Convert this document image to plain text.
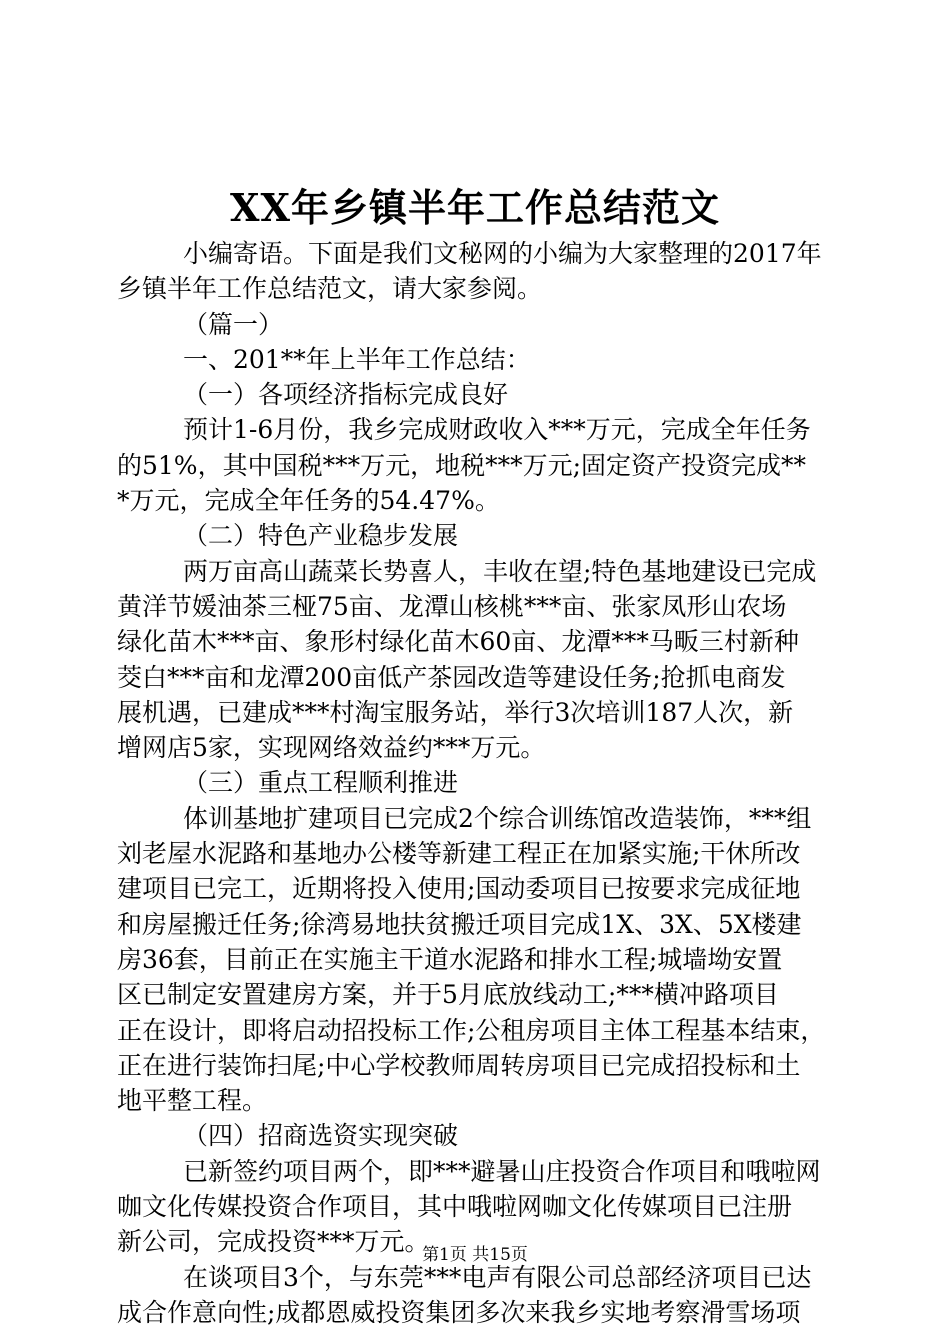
XX年乡镇半年工作总结范文
小编寄语。下面是我们文秘网的小编为大家整理的2017年
乡镇半年工作总结范文，请大家参阅。
（篇一）
一、201**年上半年工作总结：
（一）各项经济指标完成良好
预计1-6月份，我乡完成财政收入***万元，完成全年任务
的51%，其中国税***万元，地税***万元;固定资产投资完成**
*万元，完成全年任务的54.47%。
（二）特色产业稳步发展
两万亩高山蔬菜长势喜人，丰收在望;特色基地建设已完成
黄洋节媛油茶三桠75亩、龙潭山核桃***亩、张家凤形山农场
绿化苗木***亩、象形村绿化苗木60亩、龙潭***马畈三村新种
茭白***亩和龙潭200亩低产茶园改造等建设任务;抢抓电商发
展机遇，已建成***村淘宝服务站，举行3次培训187人次，新
增网店5家，实现网络效益约***万元。
（三）重点工程顺利推进
体训基地扩建项目已完成2个综合训练馆改造装饰，***组
刘老屋水泥路和基地办公楼等新建工程正在加紧实施;干休所改
建项目已完工，近期将投入使用;国动委项目已按要求完成征地
和房屋搬迁任务;徐湾易地扶贫搬迁项目完成1X、3X、5X楼建
房36套，目前正在实施主干道水泥路和排水工程;城墙坳安置
区已制定安置建房方案，并于5月底放线动工;***横冲路项目
正在设计，即将启动招投标工作;公租房项目主体工程基本结束，
正在进行装饰扫尾;中心学校教师周转房项目已完成招投标和土
地平整工程。
（四）招商选资实现突破
已新签约项目两个，即***避暑山庄投资合作项目和哦啦网
咖文化传媒投资合作项目，其中哦啦网咖文化传媒项目已注册
新公司，完成投资***万元。
在谈项目3个，与东莞***电声有限公司总部经济项目已达
成合作意向性;成都恩威投资集团多次来我乡实地考察滑雪场项
第1页 共15页
